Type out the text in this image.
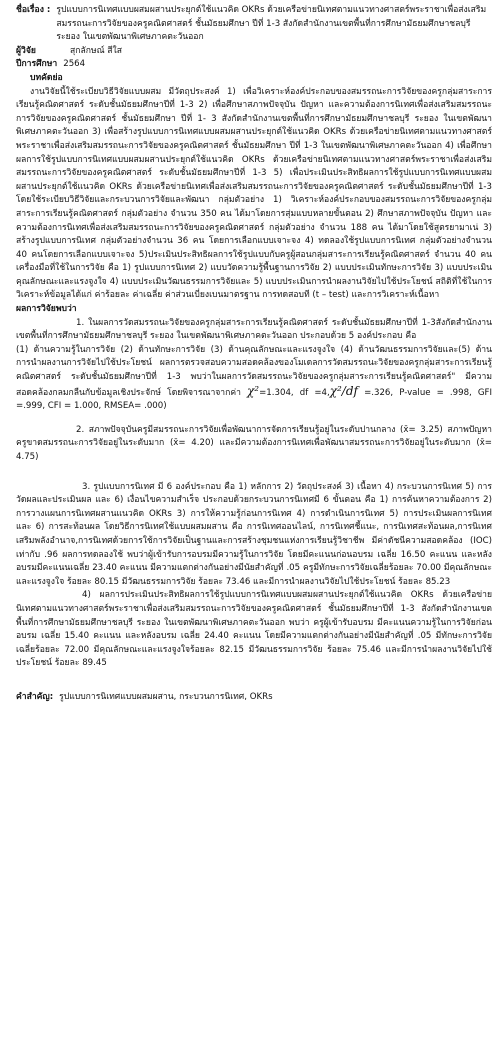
ชื่อเรื่อง : รูปแบบการนิเทศแบบผสมผสานประยุกต์ใช้แนวคิด OKRs ด้วยเครือข่ายนิเทศตามแนวทางศาสตร์พระราชาเพื่อส่งเสริมสมรรถนะการวิจัยของครูคณิตศาสตร์ ชั้นมัธยมศึกษา ปีที่ 1-3 สังกัดสำนักงานเขตพื้นที่การศึกษามัธยมศึกษาชลบุรี ระยอง ในเขตพัฒนาพิเศษภาคตะวันออก
ผู้วิจัย	สุกลักษณ์ สีใส
ปีการศึกษา 2564
บทคัดย่อ

งานวิจัยนี้ใช้ระเบียบวิธีวิจัยแบบผสม มีวัตถุประสงค์ 1) เพื่อวิเคราะห์องค์ประกอบของสมรรถนะการวิจัยของครูกลุ่มสาระการเรียนรู้คณิตศาสตร์ ระดับชั้นมัธยมศึกษาปีที่ 1-3 2) เพื่อศึกษาสภาพปัจจุบัน ปัญหา และความต้องการนิเทศเพื่อส่งเสริมสมรรถนะการวิจัยของครูคณิตศาสตร์ ชั้นมัธยมศึกษา ปีที่ 1- 3 สังกัดสำนักงานเขตพื้นที่การศึกษามัธยมศึกษาชลบุรี ระยอง ในเขตพัฒนาพิเศษภาคตะวันออก 3) เพื่อสร้างรูปแบบการนิเทศแบบผสมผสานประยุกต์ใช้แนวคิด OKRs ด้วยเครือข่ายนิเทศตามแนวทางศาสตร์พระราชาเพื่อส่งเสริมสมรรถนะการวิจัยของครูคณิตศาสตร์ ชั้นมัธยมศึกษา ปีที่ 1-3 ในเขตพัฒนาพิเศษภาคตะวันออก 4) เพื่อศึกษาผลการใช้รูปแบบการนิเทศแบบผสมผสานประยุกต์ใช้แนวคิด OKRs ด้วยเครือข่ายนิเทศตามแนวทางศาสตร์พระราชาเพื่อส่งเสริมสมรรถนะการวิจัยของครูคณิตศาสตร์ ระดับชั้นมัธยมศึกษาปีที่ 1-3 5) เพื่อประเมินประสิทธิผลการใช้รูปแบบการนิเทศแบบผสมผสานประยุกต์ใช้แนวคิด OKRs ด้วยเครือข่ายนิเทศเพื่อส่งเสริมสมรรถนะการวิจัยของครูคณิตศาสตร์ ระดับชั้นมัธยมศึกษาปีที่ 1-3 โดยใช้ระเบียบวิธีวิจัยและกระบวนการวิจัยและพัฒนา กลุ่มตัวอย่าง 1) วิเคราะห์องค์ประกอบของสมรรถนะการวิจัยของครูกลุ่มสาระการเรียนรู้คณิตศาสตร์ กลุ่มตัวอย่าง จำนวน 350 คน ได้มาโดยการสุ่มแบบหลายขั้นตอน 2) ศึกษาสภาพปัจจุบัน ปัญหา และความต้องการนิเทศเพื่อส่งเสริมสมรรถนะการวิจัยของครูคณิตศาสตร์ กลุ่มตัวอย่าง จำนวน 188 คน ได้มาโดยใช้สูตรยามาเน่ 3) สร้างรูปแบบการนิเทศ กลุ่มตัวอย่างจำนวน 36 คน โดยการเลือกแบบเจาะจง 4) ทดลองใช้รูปแบบการนิเทศ กลุ่มตัวอย่างจำนวน 40 คนโดยการเลือกแบบเจาะจง 5)ประเมินประสิทธิผลการใช้รูปแบบกับครูผู้สอนกลุ่มสาระการเรียนรู้คณิตศาสตร์ จำนวน 40 คน เครื่องมือที่ใช้ในการวิจัย คือ 1) รูปแบบการนิเทศ 2) แบบวัดความรู้พื้นฐานการวิจัย 2) แบบประเมินทักษะการวิจัย 3) แบบประเมินคุณลักษณะและแรงจูงใจ 4) แบบประเมินวัฒนธรรมการวิจัยและ 5) แบบประเมินการนำผลงานวิจัยไปใช้ประโยชน์ สถิติที่ใช้ในการวิเคราะห์ข้อมูลได้แก่ ค่าร้อยละ ค่าเฉลี่ย ค่าส่วนเบี่ยงเบนมาตรฐาน การทดสอบที (t – test) และการวิเคราะห์เนื้อหา

ผลการวิจัยพบว่า

1. ในผลการวัดสมรรถนะวิจัยของครูกลุ่มสาระการเรียนรู้คณิตศาสตร์ ระดับชั้นมัธยมศึกษาปีที่ 1-3สังกัดสำนักงานเขตพื้นที่การศึกษามัธยมศึกษาชลบุรี ระยอง ในเขตพัฒนาพิเศษภาคตะวันออก ประกอบด้วย 5 องค์ประกอบ คือ

(1) ด้านความรู้ในการวิจัย (2) ด้านทักษะการวิจัย (3) ด้านคุณลักษณะและแรงจูงใจ (4) ด้านวัฒนธรรมการวิจัยและ(5) ด้านการนำผลงานการวิจัยไปใช้ประโยชน์ ผลการตรวจสอบความสอดคล้องของโมเดลการวัดสมรรถนะวิจัยของครูกลุ่มสาระการเรียนรู้คณิตศาสตร์ ระดับชั้นมัธยมศึกษาปีที่ 1-3 พบว่าในผลการวัดสมรรถนะวิจัยของครูกลุ่มสาระการเรียนรู้คณิตศาสตร์" มีความสอดคล้องกลมกลืนกับข้อมูลเชิงประจักษ์ โดยพิจารณาจากค่า χ²=1.304, df =4,χ²/df =.326, P-value = .998, GFI =.999, CFI = 1.000, RMSEA= .000)

2. สภาพปัจจุบันครูมีสมรรถนะการวิจัยเพื่อพัฒนาการจัดการเรียนรู้อยู่ในระดับปานกลาง (x̄= 3.25) สภาพปัญหาครูขาดสมรรถนะการวิจัยอยู่ในระดับมาก (x̄= 4.20) และมีความต้องการนิเทศเพื่อพัฒนาสมรรถนะการวิจัยอยู่ในระดับมาก (x̄= 4.75)

3. รูปแบบการนิเทศ มี 6 องค์ประกอบ คือ 1) หลักการ 2) วัตถุประสงค์ 3) เนื้อหา 4) กระบวนการนิเทศ 5) การวัดผลและประเมินผล และ 6) เงื่อนไขความสำเร็จ ประกอบด้วยกระบวนการนิเทศมี 6 ขั้นตอน คือ 1) การค้นหาความต้องการ 2) การวางแผนการนิเทศผสานแนวคิด OKRs 3) การให้ความรู้ก่อนการนิเทศ 4) การดำเนินการนิเทศ 5) การประเมินผลการนิเทศ และ 6) การสะท้อนผล โดยวิธีการนิเทศใช้แบบผสมผสาน คือ การนิเทศออนไลน์, การนิเทศชี้แนะ, การนิเทศสะท้อนผล,การนิเทศเสริมพลังอำนาจ,การนิเทศด้วยการใช้การวิจัยเป็นฐานและการสร้างชุมชนแห่งการเรียนรู้วิชาชีพ มีค่าดัชนีความสอดคล้อง (IOC) เท่ากับ .96 ผลการทดลองใช้ พบว่าผู้เข้ารับการอบรมมีความรู้ในการวิจัย โดยมีคะแนนก่อนอบรม เฉลี่ย 16.50 คะแนน และหลังอบรมมีคะแนนเฉลี่ย 23.40 คะแนน มีความแตกต่างกันอย่างมีนัยสำคัญที่ .05 ครูมีทักษะการวิจัยเฉลี่ยร้อยละ 70.00 มีคุณลักษณะและแรงจูงใจ ร้อยละ 80.15 มีวัฒนธรรมการวิจัย ร้อยละ 73.46 และมีการนำผลงานวิจัยไปใช้ประโยชน์ ร้อยละ 85.23

4) ผลการประเมินประสิทธิผลการใช้รูปแบบการนิเทศแบบผสมผสานประยุกต์ใช้แนวคิด OKRs ด้วยเครือข่ายนิเทศตามแนวทางศาสตร์พระราชาเพื่อส่งเสริมสมรรถนะการวิจัยของครูคณิตศาสตร์ ชั้นมัธยมศึกษาปีที่ 1-3 สังกัดสำนักงานเขตพื้นที่การศึกษามัธยมศึกษาชลบุรี ระยอง ในเขตพัฒนาพิเศษภาคตะวันออก พบว่า ครูผู้เข้ารับอบรม มีคะแนนความรู้ในการวิจัยก่อนอบรม เฉลี่ย 15.40 คะแนน และหลังอบรม เฉลี่ย 24.40 คะแนน โดยมีความแตกต่างกันอย่างมีนัยสำคัญที่ .05 มีทักษะการวิจัยเฉลี่ยร้อยละ 72.00 มีคุณลักษณะและแรงจูงใจร้อยละ 82.15 มีวัฒนธรรมการวิจัย ร้อยละ 75.46 และมีการนำผลงานวิจัยไปใช้ประโยชน์ ร้อยละ 89.45

คำสำคัญ: รูปแบบการนิเทศแบบผสมผสาน, กระบวนการนิเทศ, OKRs
